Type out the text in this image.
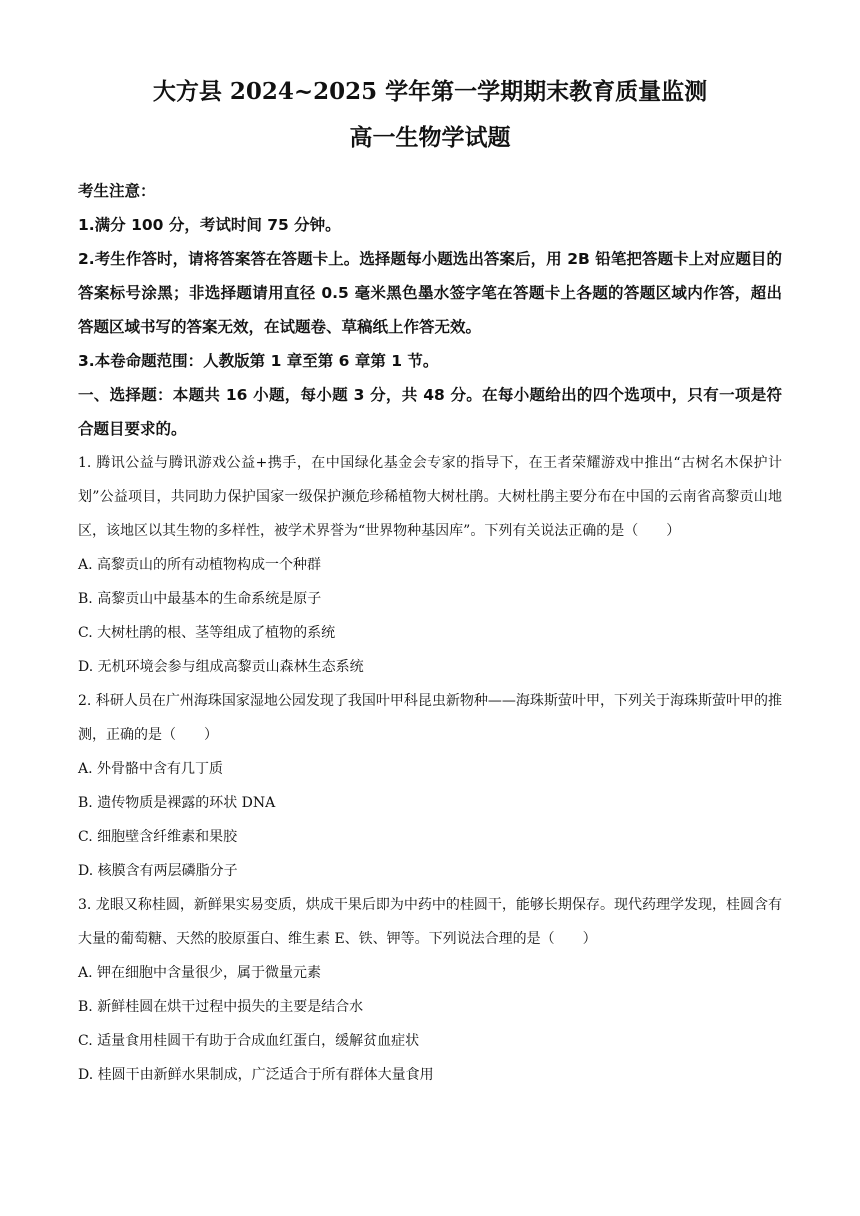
大方县 2024~2025 学年第一学期期末教育质量监测
高一生物学试题

考生注意：

1.满分 100 分，考试时间 75 分钟。

2.考生作答时，请将答案答在答题卡上。选择题每小题选出答案后，用 2B 铅笔把答题卡上对应题目的答案标号涂黑；非选择题请用直径 0.5 毫米黑色墨水签字笔在答题卡上各题的答题区域内作答，超出答题区域书写的答案无效，在试题卷、草稿纸上作答无效。

3.本卷命题范围：人教版第 1 章至第 6 章第 1 节。

一、选择题：本题共 16 小题，每小题 3 分，共 48 分。在每小题给出的四个选项中，只有一项是符合题目要求的。

1. 腾讯公益与腾讯游戏公益+携手，在中国绿化基金会专家的指导下，在王者荣耀游戏中推出“古树名木保护计划”公益项目，共同助力保护国家一级保护濒危珍稀植物大树杜鹃。大树杜鹃主要分布在中国的云南省高黎贡山地区，该地区以其生物的多样性，被学术界誉为“世界物种基因库”。下列有关说法正确的是（　　）

A. 高黎贡山的所有动植物构成一个种群

B. 高黎贡山中最基本的生命系统是原子

C. 大树杜鹃的根、茎等组成了植物的系统

D. 无机环境会参与组成高黎贡山森林生态系统

2. 科研人员在广州海珠国家湿地公园发现了我国叶甲科昆虫新物种——海珠斯萤叶甲，下列关于海珠斯萤叶甲的推测，正确的是（　　）

A. 外骨骼中含有几丁质

B. 遗传物质是裸露的环状 DNA

C. 细胞壁含纤维素和果胶

D. 核膜含有两层磷脂分子

3. 龙眼又称桂圆，新鲜果实易变质，烘成干果后即为中药中的桂圆干，能够长期保存。现代药理学发现，桂圆含有大量的葡萄糖、天然的胶原蛋白、维生素 E、铁、钾等。下列说法合理的是（　　）

A. 钾在细胞中含量很少，属于微量元素

B. 新鲜桂圆在烘干过程中损失的主要是结合水

C. 适量食用桂圆干有助于合成血红蛋白，缓解贫血症状

D. 桂圆干由新鲜水果制成，广泛适合于所有群体大量食用
